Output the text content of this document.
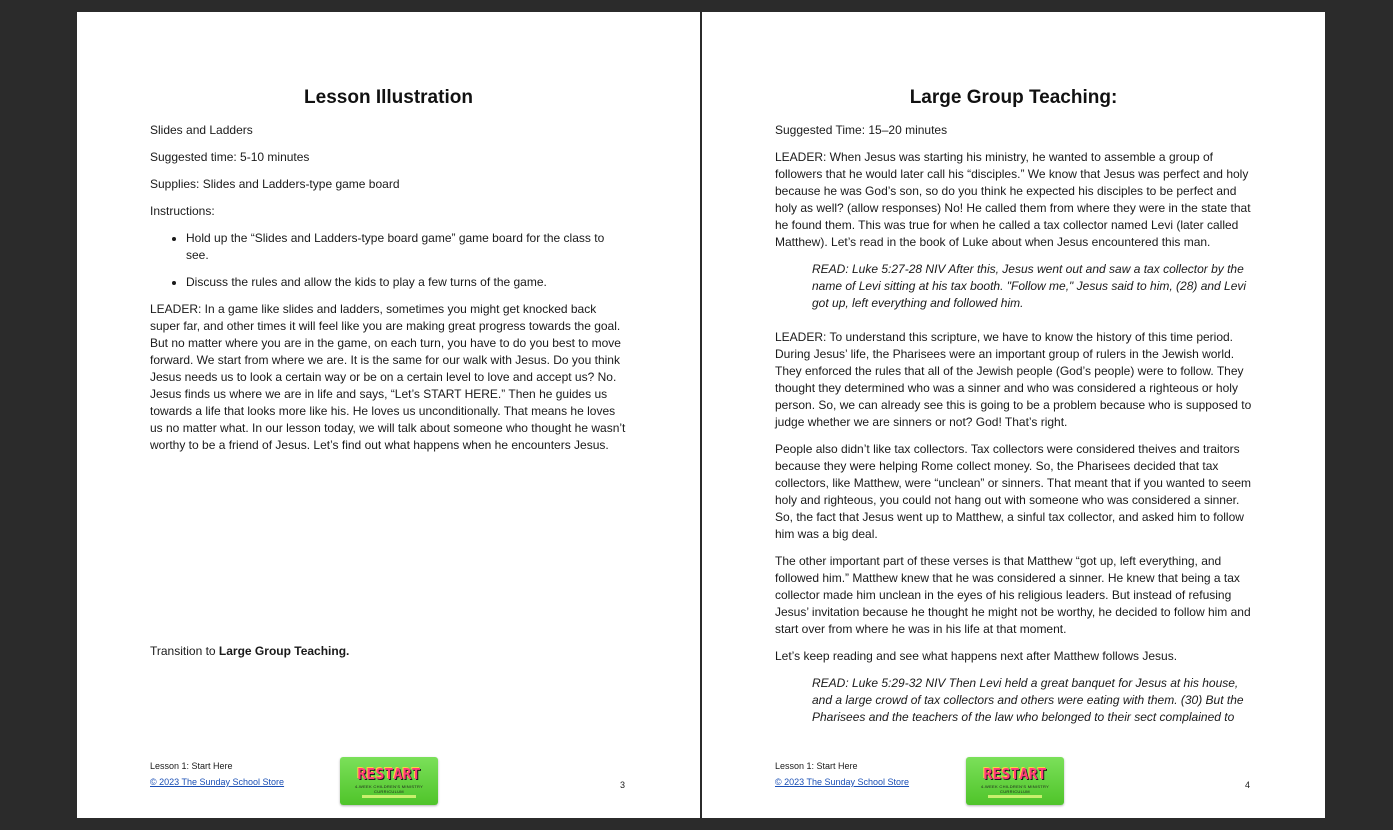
Lesson Illustration

Slides and Ladders

Suggested time: 5-10 minutes

Supplies: Slides and Ladders-type game board

Instructions:

• Hold up the “Slides and Ladders-type board game” game board for the class to see.
• Discuss the rules and allow the kids to play a few turns of the game.

LEADER: In a game like slides and ladders, sometimes you might get knocked back super far, and other times it will feel like you are making great progress towards the goal. But no matter where you are in the game, on each turn, you have to do you best to move forward. We start from where we are. It is the same for our walk with Jesus. Do you think Jesus needs us to look a certain way or be on a certain level to love and accept us? No. Jesus finds us where we are in life and says, “Let’s START HERE.” Then he guides us towards a life that looks more like his. He loves us unconditionally. That means he loves us no matter what. In our lesson today, we will talk about someone who thought he wasn’t worthy to be a friend of Jesus. Let’s find out what happens when he encounters Jesus.

Transition to Large Group Teaching.
Lesson 1: Start Here
© 2023 The Sunday School Store	RESTART
4-WEEK CHILDREN'S MINISTRY CURRICULUM
3
Large Group Teaching:

Suggested Time: 15–20 minutes

LEADER: When Jesus was starting his ministry, he wanted to assemble a group of followers that he would later call his “disciples.” We know that Jesus was perfect and holy because he was God’s son, so do you think he expected his disciples to be perfect and holy as well? (allow responses) No! He called them from where they were in the state that he found them. This was true for when he called a tax collector named Levi (later called Matthew). Let’s read in the book of Luke about when Jesus encountered this man.

READ: Luke 5:27-28 NIV After this, Jesus went out and saw a tax collector by the name of Levi sitting at his tax booth. "Follow me," Jesus said to him, (28) and Levi got up, left everything and followed him.

LEADER: To understand this scripture, we have to know the history of this time period. During Jesus’ life, the Pharisees were an important group of rulers in the Jewish world. They enforced the rules that all of the Jewish people (God’s people) were to follow. They thought they determined who was a sinner and who was considered a righteous or holy person. So, we can already see this is going to be a problem because who is supposed to judge whether we are sinners or not? God! That’s right.

People also didn’t like tax collectors. Tax collectors were considered theives and traitors because they were helping Rome collect money. So, the Pharisees decided that tax collectors, like Matthew, were “unclean” or sinners. That meant that if you wanted to seem holy and righteous, you could not hang out with someone who was considered a sinner. So, the fact that Jesus went up to Matthew, a sinful tax collector, and asked him to follow him was a big deal.

The other important part of these verses is that Matthew “got up, left everything, and followed him.” Matthew knew that he was considered a sinner. He knew that being a tax collector made him unclean in the eyes of his religious leaders. But instead of refusing Jesus’ invitation because he thought he might not be worthy, he decided to follow him and start over from where he was in his life at that moment.

Let’s keep reading and see what happens next after Matthew follows Jesus.

READ: Luke 5:29-32 NIV Then Levi held a great banquet for Jesus at his house, and a large crowd of tax collectors and others were eating with them. (30) But the Pharisees and the teachers of the law who belonged to their sect complained to

Lesson 1: Start Here
© 2023 The Sunday School Store	RESTART
4-WEEK CHILDREN'S MINISTRY CURRICULUM
4
